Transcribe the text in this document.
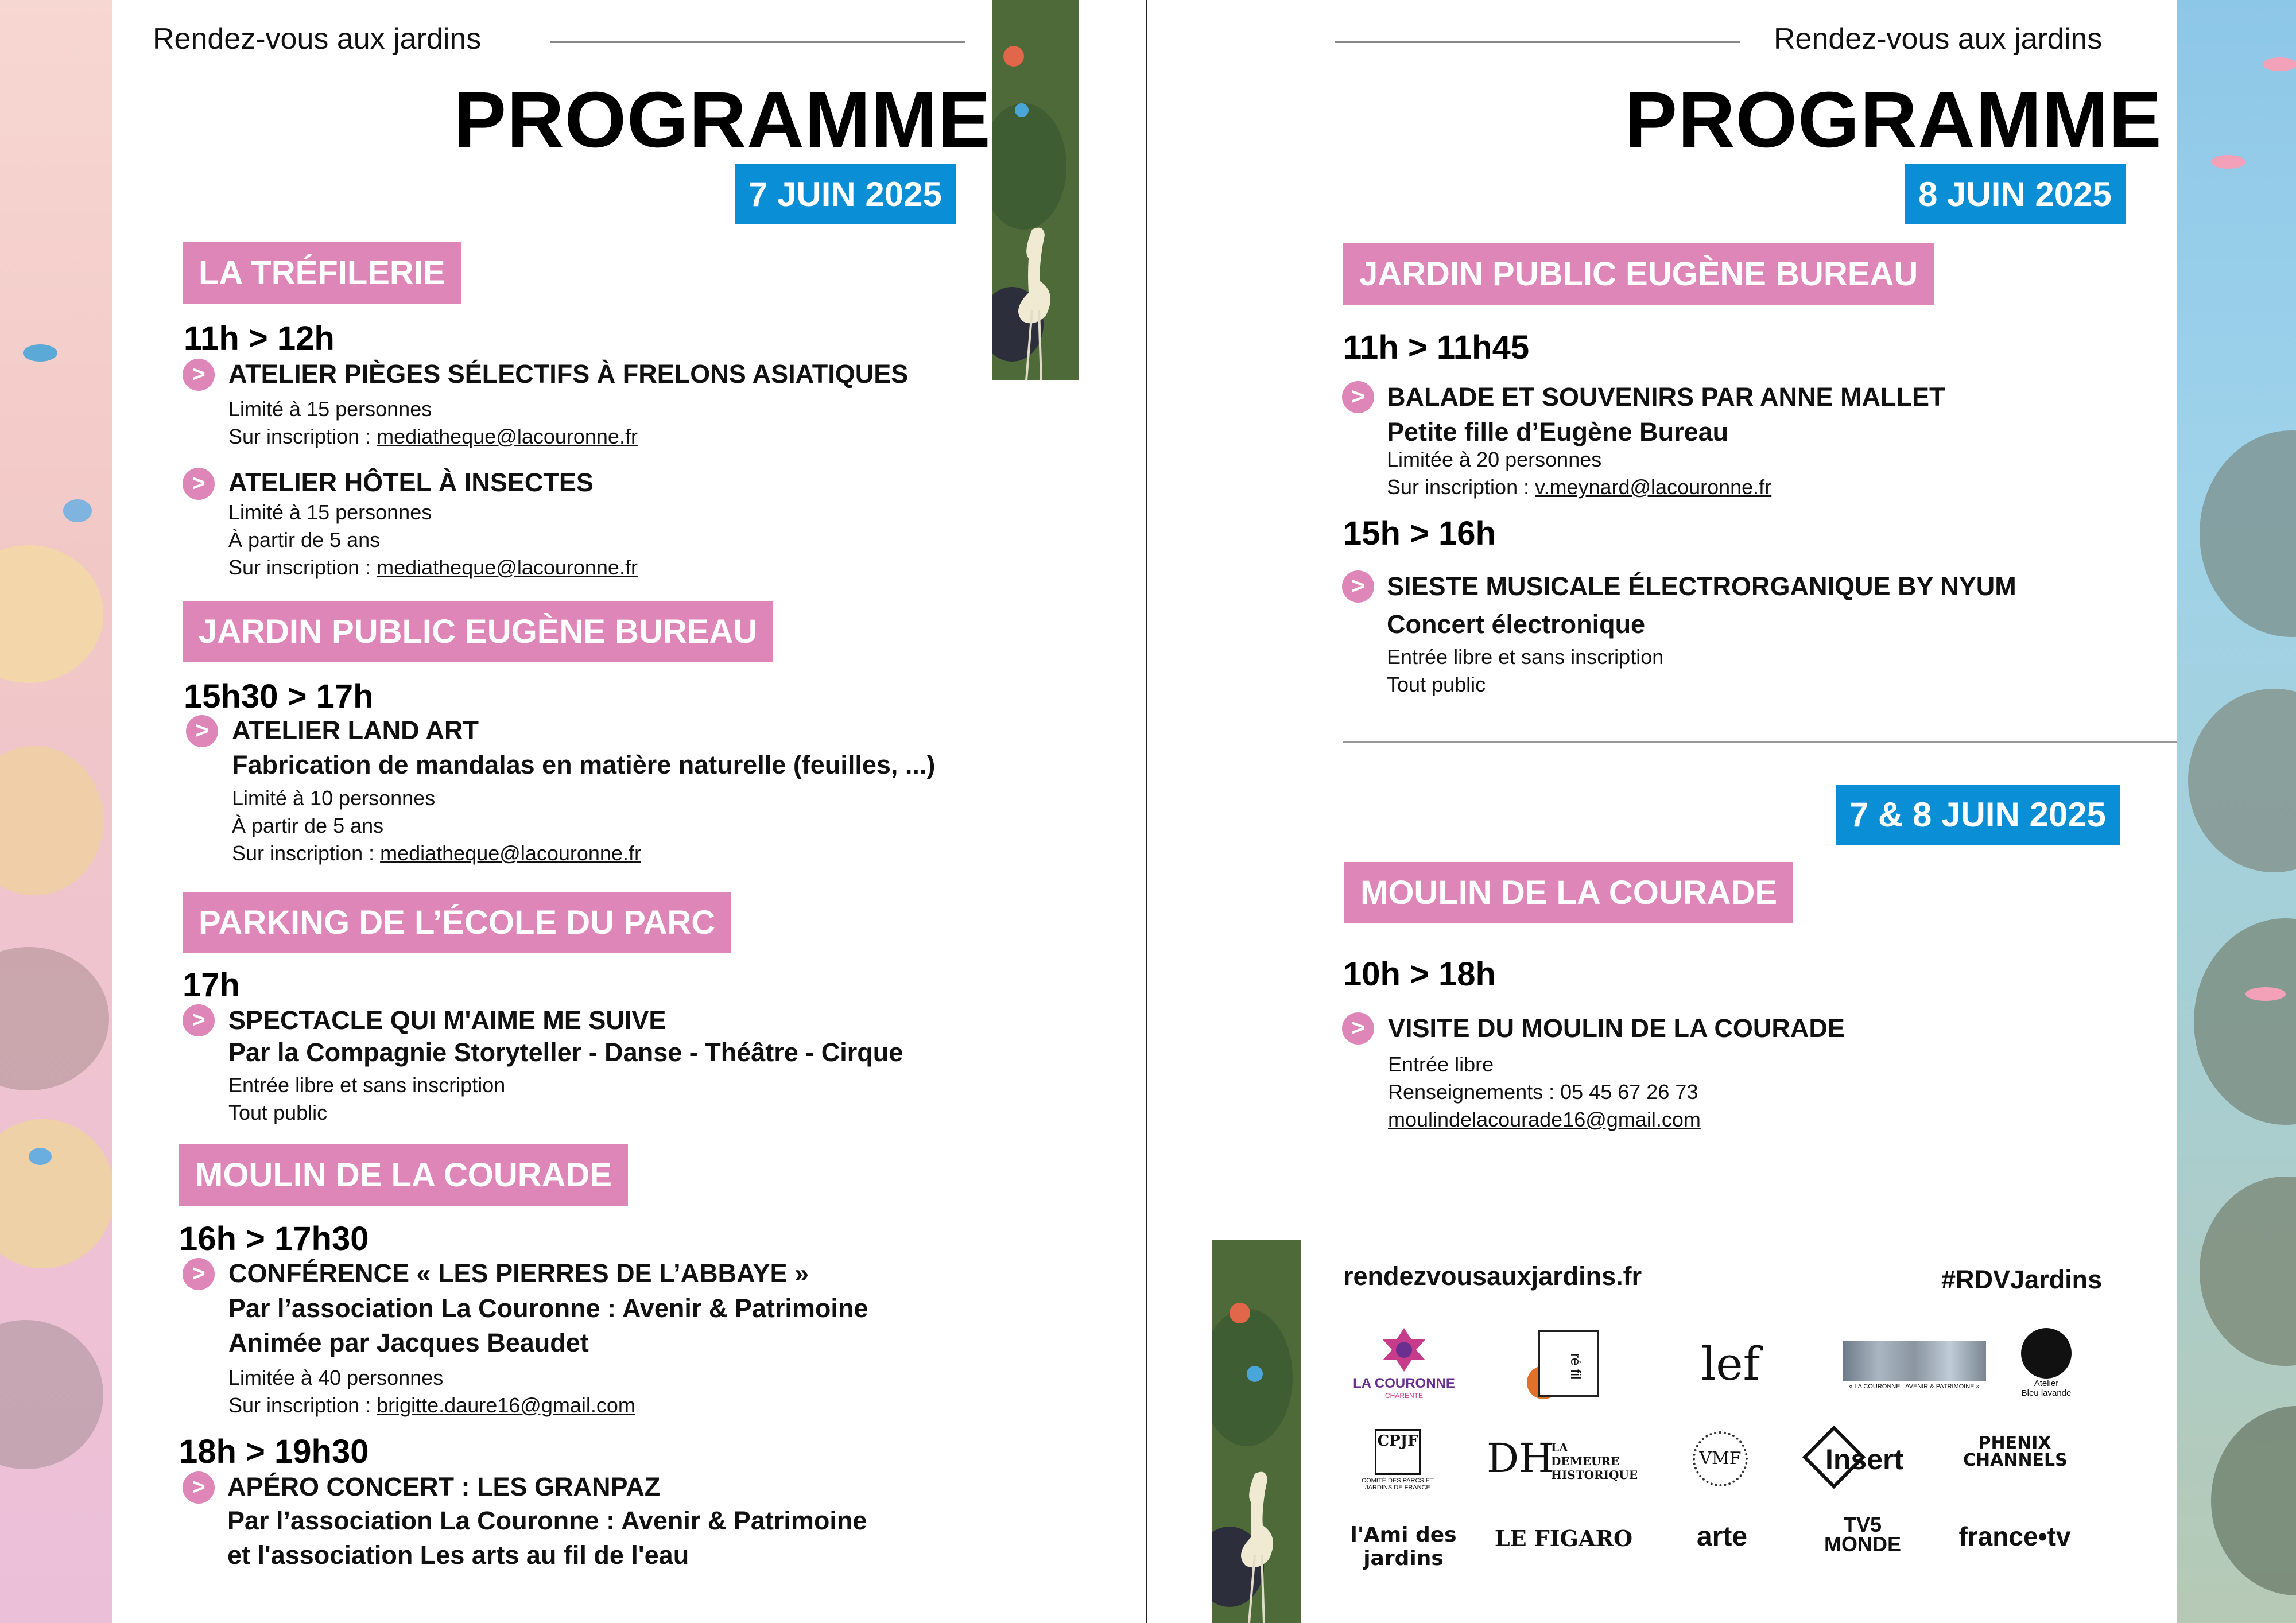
Rendez-vous aux jardins
PROGRAMME
7 JUIN 2025
LA TRÉFILERIE
11h > 12h
> ATELIER PIÈGES SÉLECTIFS À FRELONS ASIATIQUES
Limité à 15 personnes
Sur inscription : mediatheque@lacouronne.fr
> ATELIER HÔTEL À INSECTES
Limité à 15 personnes
À partir de 5 ans
Sur inscription : mediatheque@lacouronne.fr
JARDIN PUBLIC EUGÈNE BUREAU
15h30 > 17h
> ATELIER LAND ART
Fabrication de mandalas en matière naturelle (feuilles, ...)
Limité à 10 personnes
À partir de 5 ans
Sur inscription : mediatheque@lacouronne.fr
PARKING DE L’ÉCOLE DU PARC
17h
> SPECTACLE QUI M'AIME ME SUIVE
Par la Compagnie Storyteller - Danse - Théâtre - Cirque
Entrée libre et sans inscription
Tout public
MOULIN DE LA COURADE
16h > 17h30
> CONFÉRENCE « LES PIERRES DE L’ABBAYE »
Par l’association La Couronne : Avenir & Patrimoine
Animée par Jacques Beaudet
Limitée à 40 personnes
Sur inscription : brigitte.daure16@gmail.com
18h > 19h30
> APÉRO CONCERT : LES GRANPAZ
Par l’association La Couronne : Avenir & Patrimoine
et l'association Les arts au fil de l'eau
Rendez-vous aux jardins
PROGRAMME
8 JUIN 2025
JARDIN PUBLIC EUGÈNE BUREAU
11h > 11h45
> BALADE ET SOUVENIRS PAR ANNE MALLET
Petite fille d’Eugène Bureau
Limitée à 20 personnes
Sur inscription : v.meynard@lacouronne.fr
15h > 16h
> SIESTE MUSICALE ÉLECTRORGANIQUE BY NYUM
Concert électronique
Entrée libre et sans inscription
Tout public
7 & 8 JUIN 2025
MOULIN DE LA COURADE
10h > 18h
> VISITE DU MOULIN DE LA COURADE
Entrée libre
Renseignements : 05 45 67 26 73
moulindelacourade16@gmail.com
rendezvousauxjardins.fr	#RDVJardins
LA COURONNE
CHARENTE
ré fil	lef	« LA COURONNE : AVENIR & PATRIMOINE »	Atelier
Bleu lavande
CPJF
COMITÉ DES PARCS ET JARDINS DE FRANCE
DH
LA DEMEURE HISTORIQUE
VMF	Insert
PHENIX CHANNELS
l'Ami des jardins
LE FIGARO	arte	TV5 MONDE	france•tv
